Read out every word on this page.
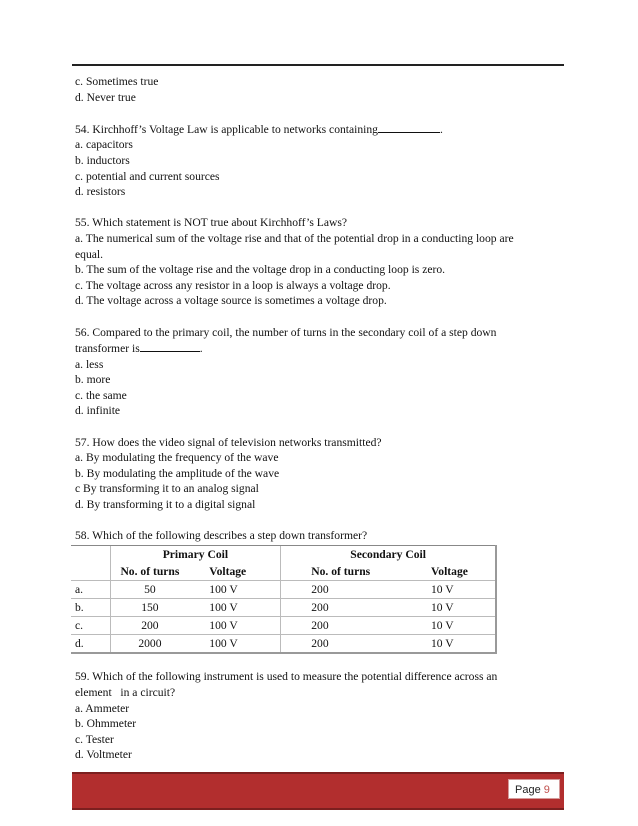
c. Sometimes true
d. Never true
54. Kirchhoff’s Voltage Law is applicable to networks containing	.
a. capacitors
b. inductors
c. potential and current sources
d. resistors
55. Which statement is NOT true about Kirchhoff’s Laws?
a. The numerical sum of the voltage rise and that of the potential drop in a conducting loop are
equal.
b. The sum of the voltage rise and the voltage drop in a conducting loop is zero.
c. The voltage across any resistor in a loop is always a voltage drop.
d. The voltage across a voltage source is sometimes a voltage drop.
56. Compared to the primary coil, the number of turns in the secondary coil of a step down
transformer is	.
a. less
b. more
c. the same
d. infinite
57. How does the video signal of television networks transmitted?
a. By modulating the frequency of the wave
b. By modulating the amplitude of the wave
c By transforming it to an analog signal
d. By transforming it to a digital signal
58. Which of the following describes a step down transformer?
	Primary Coil		Secondary Coil	
	No. of turns	Voltage	No. of turns	Voltage
a.	50	100 V	200	10 V
b.	150	100 V	200	10 V
c.	200	100 V	200	10 V
d.	2000	100 V	200	10 V
59. Which of the following instrument is used to measure the potential difference across an
element   in a circuit?
a. Ammeter
b. Ohmmeter
c. Tester
d. Voltmeter
Page 9
